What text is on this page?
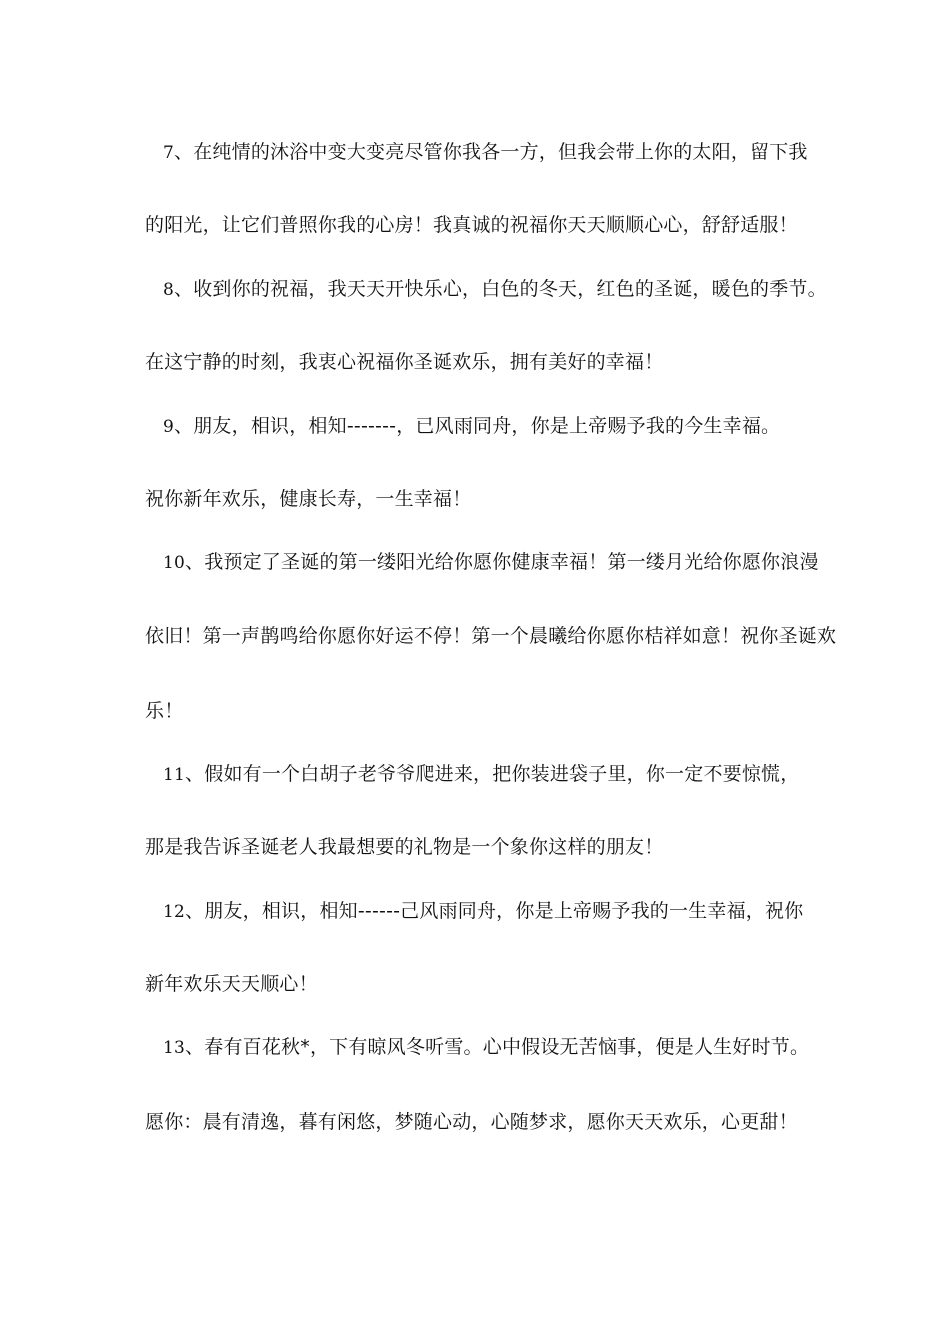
7、在纯情的沐浴中变大变亮尽管你我各一方，但我会带上你的太阳，留下我
的阳光，让它们普照你我的心房！我真诚的祝福你天天顺顺心心，舒舒适服！
8、收到你的祝福，我天天开快乐心，白色的冬天，红色的圣诞，暖色的季节。
在这宁静的时刻，我衷心祝福你圣诞欢乐，拥有美好的幸福！
9、朋友，相识，相知-------，已风雨同舟，你是上帝赐予我的今生幸福。
祝你新年欢乐，健康长寿，一生幸福！
10、我预定了圣诞的第一缕阳光给你愿你健康幸福！第一缕月光给你愿你浪漫
依旧！第一声鹊鸣给你愿你好运不停！第一个晨曦给你愿你桔祥如意！祝你圣诞欢
乐！
11、假如有一个白胡子老爷爷爬进来，把你装进袋子里，你一定不要惊慌，
那是我告诉圣诞老人我最想要的礼物是一个象你这样的朋友！
12、朋友，相识，相知------己风雨同舟，你是上帝赐予我的一生幸福，祝你
新年欢乐天天顺心！
13、春有百花秋*，下有晾风冬听雪。心中假设无苦恼事，便是人生好时节。
愿你：晨有清逸，暮有闲悠，梦随心动，心随梦求，愿你天天欢乐，心更甜！
